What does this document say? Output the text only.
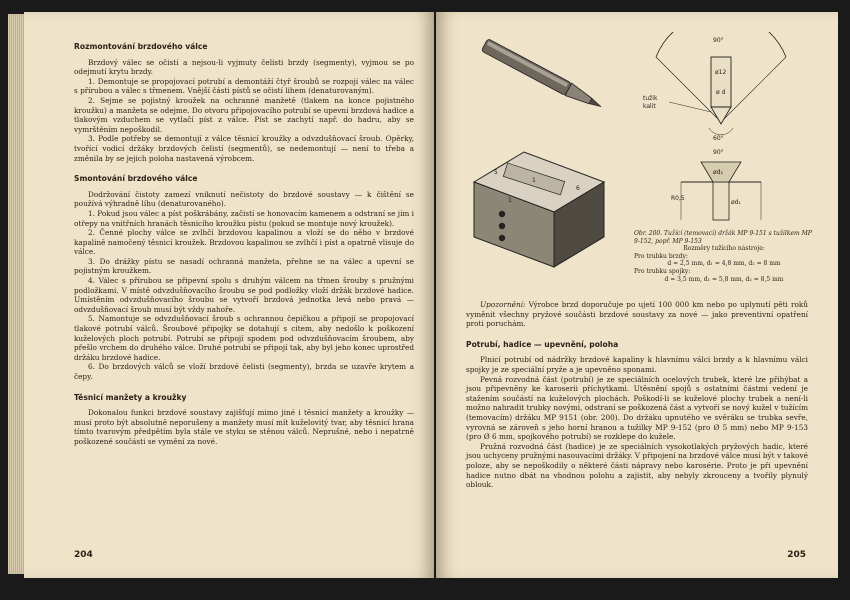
Rozmontování brzdového válce

Brzdový válec se očistí a nejsou-li vyjmuty čelisti brzdy (segmenty), vyjmou se po odejmutí krytu brzdy.

1. Demontuje se propojovací potrubí a demontáží čtyř šroubů se rozpojí válec na válec s přírubou a válec s třmenem. Vnější části pístů se očistí lihem (denaturovaným).

2. Sejme se pojistný kroužek na ochranné manžetě (tlakem na konce pojistného kroužku) a manžeta se odejme. Do otvoru připojovacího potrubí se upevní brzdová hadice a tlakovým vzduchem se vytlačí píst z válce. Píst se zachytí např. do hadru, aby se vymrštěním nepoškodil.

3. Podle potřeby se demontují z válce těsnicí kroužky a odvzdušňovací šroub. Opěrky, tvořící vodicí držáky brzdových čelistí (segmentů), se nedemontují — není to třeba a změnila by se jejich poloha nastavená výrobcem.

Smontování brzdového válce

Dodržování čistoty zamezí vniknutí nečistoty do brzdové soustavy — k čištění se používá výhradně líhu (denaturovaného).

1. Pokud jsou válec a píst poškrábány, začistí se honovacím kamenem a odstraní se jím i otřepy na vnitřních hranách těsnicího kroužku pístu (pokud se montuje nový kroužek).

2. Čenné plochy válce se zvlhčí brzdovou kapalinou a vloží se do něho v brzdové kapalině namočený těsnicí kroužek. Brzdovou kapalinou se zvlhčí i píst a opatrně vlisuje do válce.

3. Do drážky pístu se nasadí ochranná manžeta, přehne se na válec a upevní se pojistným kroužkem.

4. Válec s přírubou se připevní spolu s druhým válcem na třmen šrouby s pružnými podložkami. V místě odvzdušňovacího šroubu se pod podložky vloží držák brzdové hadice. Umístěním odvzdušňovacího šroubu se vytvoří brzdová jednotka levá nebo pravá — odvzdušňovací šroub musí být vždy nahoře.

5. Namontuje se odvzdušňovací šroub s ochrannou čepičkou a připojí se propojovací tlakové potrubí válců. Šroubové připojky se dotahují s citem, aby nedošlo k poškození kuželových ploch potrubí. Potrubí se připojí spodem pod odvzdušňovacím šroubem, aby přešlo vrchem do druhého válce. Druhé potrubí se připojí tak, aby byl jeho konec uprostřed držáku brzdové hadice.

6. Do brzdových válců se vloží brzdové čelisti (segmenty), brzda se uzavře krytem a čepy.

Těsnicí manžety a kroužky

Dokonalou funkci brzdové soustavy zajišťují mimo jiné i těsnicí manžety a kroužky — musí proto být absolutně neporušeny a manžety musí mít kuželovitý tvar, aby těsnicí hrana tímto tvarovým předpětím byla stále ve styku se stěnou válců. Neprušné, nebo i nepatrně poškozené součásti se vymění za nové.

204
5
1
6
1
90°
ø12
ø d
tužik
kalit
60°
90°
ød₂
R0,5
ød₁
Obr. 200. Tužící (temovací) držák MP 9-151 s tužilkem MP 9-152, popř. MP 9-153
Rozměry tužícího nástroje:
Pro trubku brzdy:
d = 2,5 mm, d₁ = 4,8 mm, d₂ = 8 mm
Pro trubku spojky:
d = 3,5 mm, d₁ = 5,8 mm, d₂ = 8,5 mm

Upozornění: Výrobce brzd doporučuje po ujetí 100 000 km nebo po uplynutí pěti roků vyměnit všechny pryžové součásti brzdové soustavy za nové — jako preventivní opatření proti poruchám.

Potrubí, hadice — upevnění, poloha

Plnicí potrubí od nádržky brzdové kapaliny k hlavnímu válci brzdy a k hlavnímu válci spojky je ze speciální pryže a je upevněno sponami.

Pevná rozvodná část (potrubí) je ze speciálních ocelových trubek, které lze přihýbat a jsou připevněny ke karoserii příchytkami. Utěsnění spojů s ostatními částmi vedení je stažením součástí na kuželových plochách. Poškodí-li se kuželové plochy trubek a není-li možno nahradit trubky novými, odstraní se poškozená část a vytvoří se nový kužel v tužícím (temovacím) držáku MP 9151 (obr. 200). Do držáku upnutého ve svěráku se trubka sevře, vyrovná se zároveň s jeho horní hranou a tužilky MP 9-152 (pro Ø 5 mm) nebo MP 9-153 (pro Ø 6 mm, spojkového potrubí) se rozklepe do kužele.

Pružná rozvodná část (hadice) je ze speciálních vysokotlakých pryžových hadic, které jsou uchyceny pružnými nasouvacími držáky. V připojení na brzdové válce musí být v takové poloze, aby se nepoškodily o některé části nápravy nebo karosérie. Proto je při upevnění hadice nutno dbát na vhodnou polohu a zajistit, aby nebyly zkrouceny a tvořily plynulý oblouk.

205
